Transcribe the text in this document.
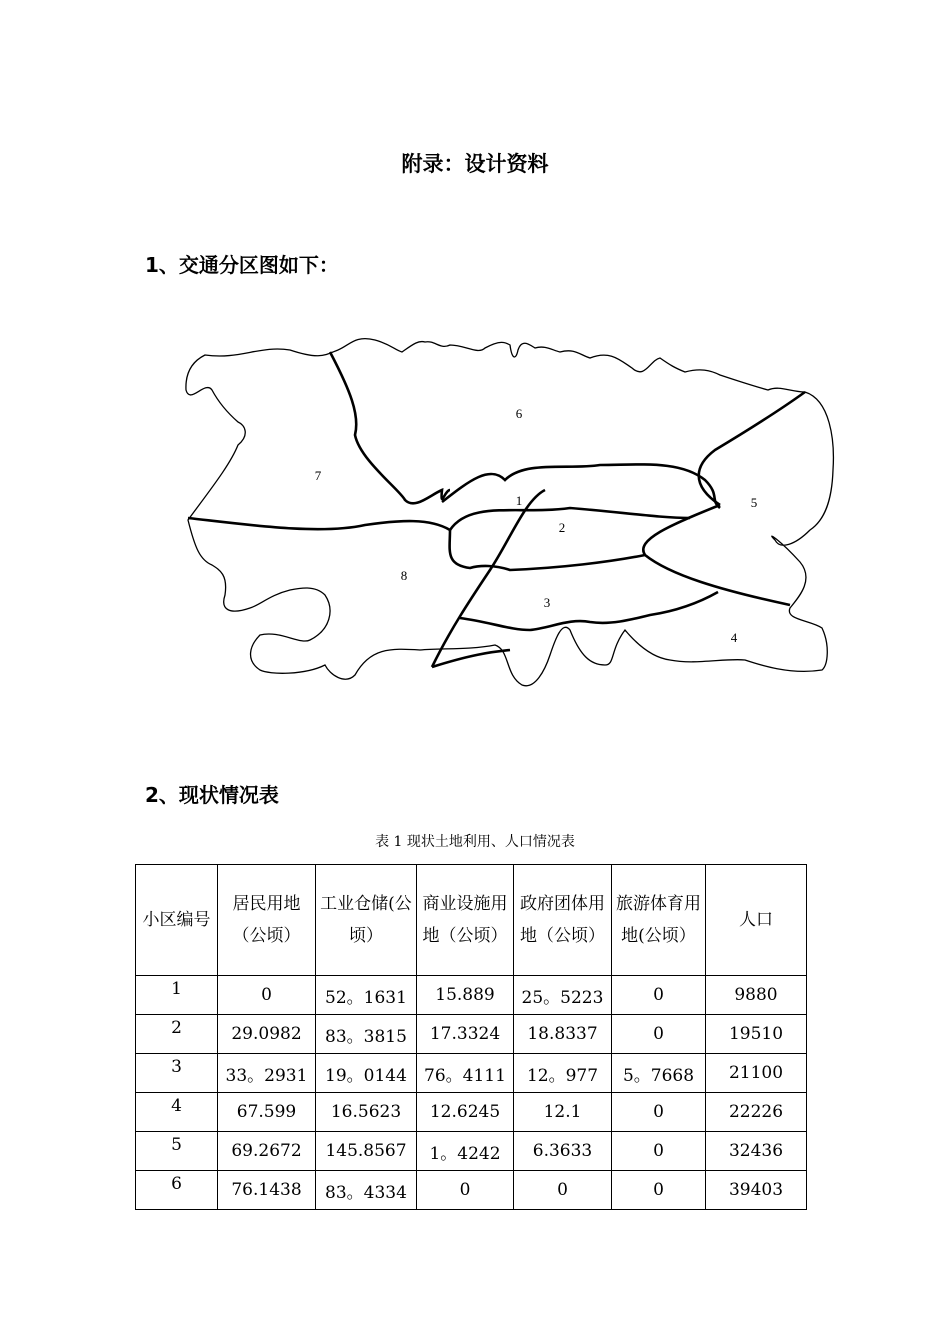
附录：设计资料
1、交通分区图如下：
6
7
1
2
5
8
3
4
2、现状情况表
表 1 现状土地利用、人口情况表
小区编号	居民用地（公顷）	工业仓储(公顷）	商业设施用地（公顷）	政府团体用地（公顷）	旅游体育用地(公顷）	人口
1	0	52。1631	15.889	25。5223	0	9880
2	29.0982	83。3815	17.3324	18.8337	0	19510
3	33。2931	19。0144	76。4111	12。977	5。7668	21100
4	67.599	16.5623	12.6245	12.1	0	22226
5	69.2672	145.8567	1。4242	6.3633	0	32436
6	76.1438	83。4334	0	0	0	39403
